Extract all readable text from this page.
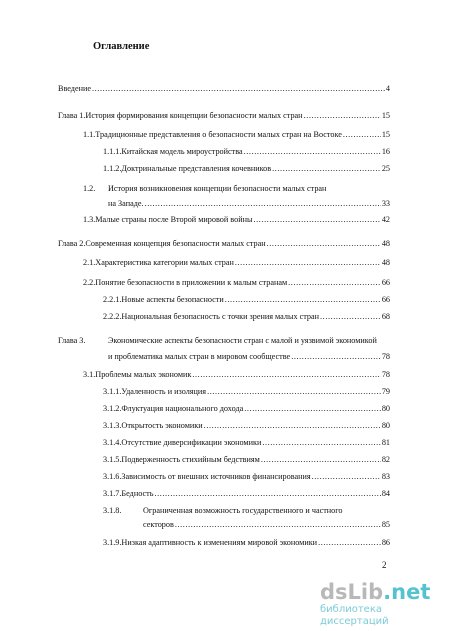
Оглавление
Введение .....	4
Глава 1. История формирования концепции безопасности малых стран .....	15
1.1. Традиционные представления о безопасности малых стран на Востоке .....	15
1.1.1. Китайская модель мироустройства .....	16
1.1.2. Доктринальные представления кочевников .....	25
1.2. История возникновения концепции безопасности малых стран
на Западе. .....	33
1.3. Малые страны после Второй мировой войны .....	42
Глава 2. Современная концепция безопасности малых стран .....	48
2.1. Характеристика категории малых стран .....	48
2.2. Понятие безопасности в приложении к малым странам .....	66
2.2.1. Новые аспекты безопасности .....	66
2.2.2. Национальная безопасность с точки зрения малых стран .....	68
Глава 3.	Экономические аспекты безопасности стран с малой и уязвимой экономикой
и проблематика малых стран в мировом сообществе .....	78
3.1. Проблемы малых экономик .....	78
3.1.1. Удаленность и изоляция .....	79
3.1.2. Флуктуация национального дохода .....	80
3.1.3. Открытость экономики .....	80
3.1.4. Отсутствие диверсификации экономики .....	81
3.1.5. Подверженность стихийным бедствиям .....	82
3.1.6. Зависимость от внешних источников финансирования .....	83
3.1.7. Бедность .....	84
3.1.8.	Ограниченная возможность государственного и частного
секторов .....	85
3.1.9. Низкая адаптивность к изменениям мировой экономики .....	86
2
dsLib.net
библиотека диссертаций
